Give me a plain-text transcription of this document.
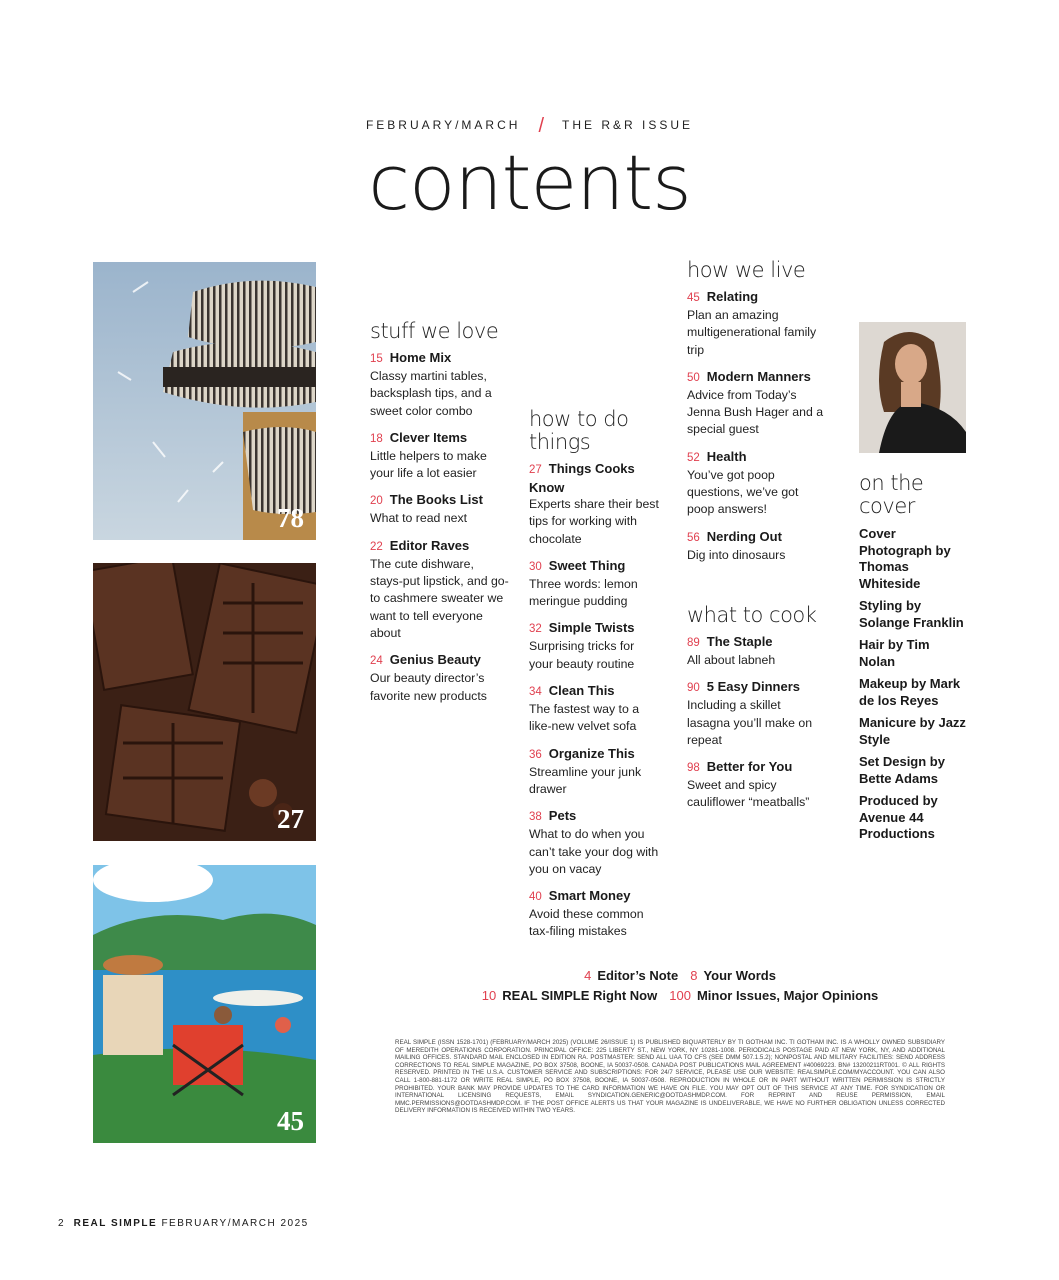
FEBRUARY/MARCH / THE R&R ISSUE
contents
78
27
45
stuff we love
15 Home Mix
Classy martini tables, backsplash tips, and a sweet color combo
18 Clever Items
Little helpers to make your life a lot easier
20 The Books List
What to read next
22 Editor Raves
The cute dishware, stays-put lipstick, and go-to cashmere sweater we want to tell everyone about
24 Genius Beauty
Our beauty director’s favorite new products
how to do things
27 Things Cooks Know
Experts share their best tips for working with chocolate
30 Sweet Thing
Three words: lemon meringue pudding
32 Simple Twists
Surprising tricks for your beauty routine
34 Clean This
The fastest way to a like-new velvet sofa
36 Organize This
Streamline your junk drawer
38 Pets
What to do when you can’t take your dog with you on vacay
40 Smart Money
Avoid these common tax-filing mistakes
how we live
45 Relating
Plan an amazing multigenerational family trip
50 Modern Manners
Advice from Today’s Jenna Bush Hager and a special guest
52 Health
You’ve got poop questions, we’ve got poop answers!
56 Nerding Out
Dig into dinosaurs
what to cook
89 The Staple
All about labneh
90 5 Easy Dinners
Including a skillet lasagna you’ll make on repeat
98 Better for You
Sweet and spicy cauliflower “meatballs”
on the cover

Cover Photograph by Thomas Whiteside

Styling by Solange Franklin

Hair by Tim Nolan

Makeup by Mark de los Reyes

Manicure by Jazz Style

Set Design by Bette Adams

Produced by Avenue 44 Productions

4 Editor’s Note 8 Your Words
10 REAL SIMPLE Right Now 100 Minor Issues, Major Opinions
REAL SIMPLE (ISSN 1528-1701) (FEBRUARY/MARCH 2025) (VOLUME 26/ISSUE 1) IS PUBLISHED BIQUARTERLY BY TI GOTHAM INC. TI GOTHAM INC. IS A WHOLLY OWNED SUBSIDIARY OF MEREDITH OPERATIONS CORPORATION. PRINCIPAL OFFICE: 225 LIBERTY ST., NEW YORK, NY 10281-1008. PERIODICALS POSTAGE PAID AT NEW YORK, NY, AND ADDITIONAL MAILING OFFICES. STANDARD MAIL ENCLOSED IN EDITION RA. POSTMASTER: SEND ALL UAA TO CFS (SEE DMM 507.1.5.2); NONPOSTAL AND MILITARY FACILITIES: SEND ADDRESS CORRECTIONS TO REAL SIMPLE MAGAZINE, PO BOX 37508, BOONE, IA 50037-0508. CANADA POST PUBLICATIONS MAIL AGREEMENT #40069223. BN# 13200211RT001. © ALL RIGHTS RESERVED. PRINTED IN THE U.S.A. CUSTOMER SERVICE AND SUBSCRIPTIONS: FOR 24/7 SERVICE, PLEASE USE OUR WEBSITE: REALSIMPLE.COM/MYACCOUNT. YOU CAN ALSO CALL 1-800-881-1172 OR WRITE REAL SIMPLE, PO BOX 37508, BOONE, IA 50037-0508. REPRODUCTION IN WHOLE OR IN PART WITHOUT WRITTEN PERMISSION IS STRICTLY PROHIBITED. YOUR BANK MAY PROVIDE UPDATES TO THE CARD INFORMATION WE HAVE ON FILE. YOU MAY OPT OUT OF THIS SERVICE AT ANY TIME. FOR SYNDICATION OR INTERNATIONAL LICENSING REQUESTS, EMAIL SYNDICATION.GENERIC@DOTDASHMDP.COM. FOR REPRINT AND REUSE PERMISSION, EMAIL MMC.PERMISSIONS@DOTDASHMDP.COM. IF THE POST OFFICE ALERTS US THAT YOUR MAGAZINE IS UNDELIVERABLE, WE HAVE NO FURTHER OBLIGATION UNLESS CORRECTED DELIVERY INFORMATION IS RECEIVED WITHIN TWO YEARS.
2 REAL SIMPLE FEBRUARY/MARCH 2025
